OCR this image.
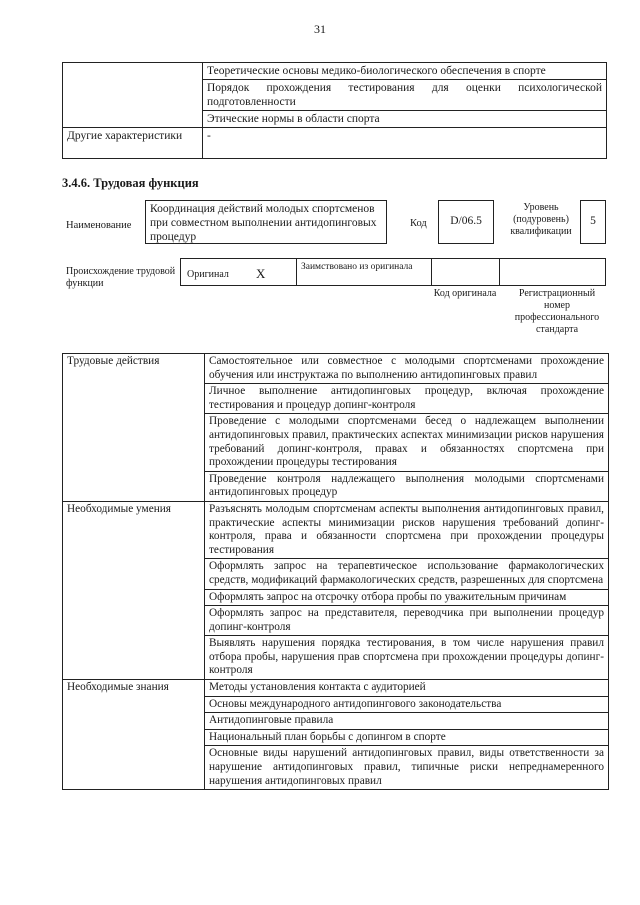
31
	Теоретические основы медико-биологического обеспечения в спорте
	Порядок прохождения тестирования для оценки психологической подготовленности
	Этические нормы в области спорта
Другие характеристики	-
3.4.6. Трудовая функция
Наименование
Координация действий молодых спортсменов при совместном выполнении антидопинговых процедур
Код	D/06.5
Уровень (подуровень) квалификации
5
Происхождение трудовой функции
Оригинал X	Заимствовано из оригинала
Код оригинала	Регистрационный номер профессионального стандарта
Трудовые действия	Самостоятельное или совместное с молодыми спортсменами прохождение обучения или инструктажа по выполнению антидопинговых правил
	Личное выполнение антидопинговых процедур, включая прохождение тестирования и процедур допинг-контроля
	Проведение с молодыми спортсменами бесед о надлежащем выполнении антидопинговых правил, практических аспектах минимизации рисков нарушения требований допинг-контроля, правах и обязанностях спортсмена при прохождении процедуры тестирования
	Проведение контроля надлежащего выполнения молодыми спортсменами антидопинговых процедур
Необходимые умения	Разъяснять молодым спортсменам аспекты выполнения антидопинговых правил, практические аспекты минимизации рисков нарушения требований допинг-контроля, права и обязанности спортсмена при прохождении процедуры тестирования
	Оформлять запрос на терапевтическое использование фармакологических средств, модификаций фармакологических средств, разрешенных для спортсмена
	Оформлять запрос на отсрочку отбора пробы по уважительным причинам
	Оформлять запрос на представителя, переводчика при выполнении процедур допинг-контроля
	Выявлять нарушения порядка тестирования, в том числе нарушения правил отбора пробы, нарушения прав спортсмена при прохождении процедуры допинг-контроля
Необходимые знания	Методы установления контакта с аудиторией
	Основы международного антидопингового законодательства
	Антидопинговые правила
	Национальный план борьбы с допингом в спорте
	Основные виды нарушений антидопинговых правил, виды ответственности за нарушение антидопинговых правил, типичные риски непреднамеренного нарушения антидопинговых правил
